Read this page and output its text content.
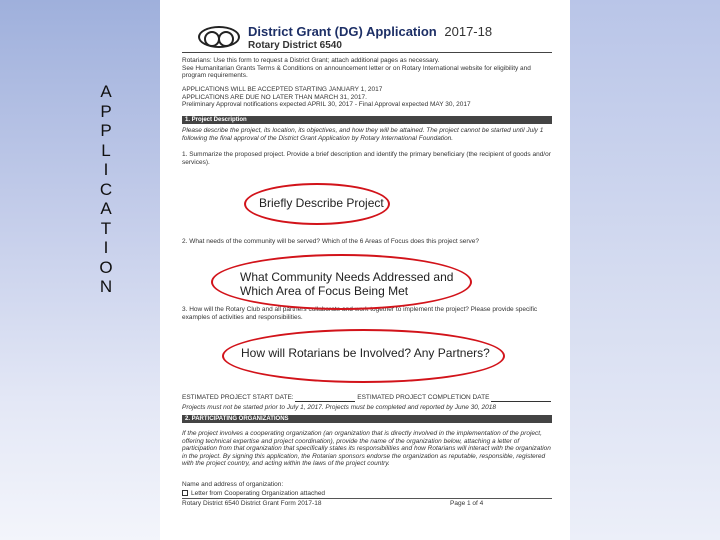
A
P
P
L
I
C
A
T
I
O
N
District Grant (DG) Application 2017-18
Rotary District 6540
Rotarians: Use this form to request a District Grant; attach additional pages as necessary.
See Humanitarian Grants Terms & Conditions on announcement letter or on Rotary International website for eligibility and
program requirements.
APPLICATIONS WILL BE ACCEPTED STARTING JANUARY 1, 2017
APPLICATIONS ARE DUE NO LATER THAN MARCH 31, 2017.
Preliminary Approval notifications expected APRIL 30, 2017 - Final Approval expected MAY 30, 2017
1. Project Description
Please describe the project, its location, its objectives, and how they will be attained. The project cannot be started until July 1 following the final approval of the District Grant Application by Rotary International Foundation.
1. Summarize the proposed project. Provide a brief description and identify the primary beneficiary (the recipient of goods and/or services).
2. What needs of the community will be served? Which of the 6 Areas of Focus does this project serve?
3. How will the Rotary Club and all partners collaborate and work together to implement the project? Please provide specific examples of activities and responsibilities.
ESTIMATED PROJECT START DATE:	ESTIMATED PROJECT COMPLETION DATE
Projects must not be started prior to July 1, 2017. Projects must be completed and reported by June 30, 2018
2. PARTICIPATING ORGANIZATIONS
If the project involves a cooperating organization (an organization that is directly involved in the implementation of the project, offering technical expertise and project coordination), provide the name of the organization below, attaching a letter of participation from that organization that specifically states its responsibilities and how Rotarians will interact with the organization in the project. By signing this application, the Rotarian sponsors endorse the organization as reputable, responsible, registered with the project country, and acting within the laws of the project country.
Name and address of organization:
Letter from Cooperating Organization attached
Rotary District 6540 District Grant Form 2017-18	Page 1 of 4
Briefly Describe Project
What Community Needs Addressed and Which Area of Focus Being Met
How will Rotarians be Involved? Any Partners?
